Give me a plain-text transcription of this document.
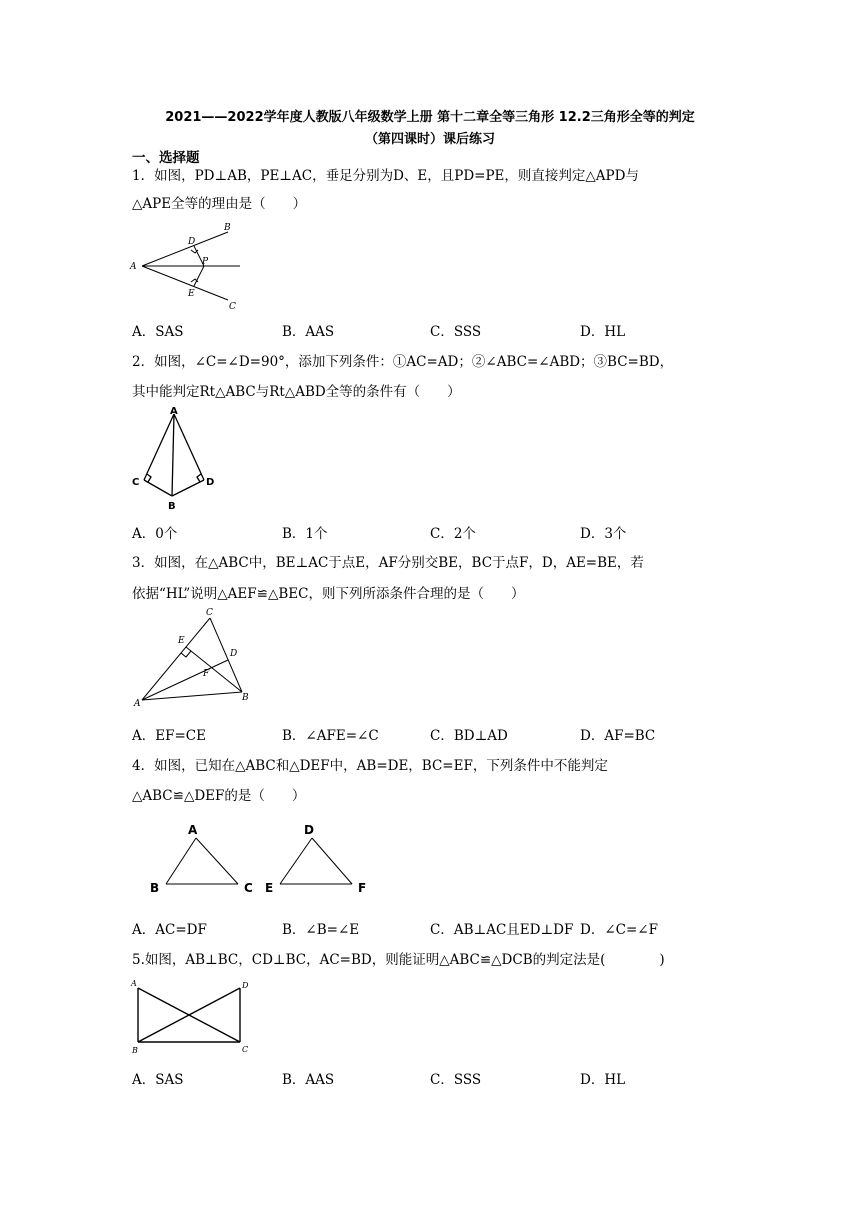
2021——2022学年度人教版八年级数学上册 第十二章全等三角形 12.2三角形全等的判定
（第四课时）课后练习
一、选择题
1．如图，PD⊥AB，PE⊥AC，垂足分别为D、E，且PD=PE，则直接判定△APD与
△APE全等的理由是（　　）
A
B
C
D
E
P
A．SAS	B．AAS	C．SSS	D．HL
2．如图，∠C=∠D=90°，添加下列条件：①AC=AD；②∠ABC=∠ABD；③BC=BD，
其中能判定Rt△ABC与Rt△ABD全等的条件有（　　）
A
B
C	D
A．0个	B．1个	C．2个	D．3个
3．如图，在△ABC中，BE⊥AC于点E，AF分别交BE，BC于点F，D，AE=BE，若
依据“HL”说明△AEF≌△BEC，则下列所添条件合理的是（　　）
A
B
C
D
E
F
A．EF=CE	B．∠AFE=∠C	C．BD⊥AD	D．AF=BC
4．如图，已知在△ABC和△DEF中，AB=DE，BC=EF，下列条件中不能判定
△ABC≌△DEF的是（　　）
A
B	C
D
E	F
A．AC=DF	B．∠B=∠E	C．AB⊥AC且ED⊥DF D．∠C=∠F
5.如图，AB⊥BC，CD⊥BC，AC=BD，则能证明△ABC≌△DCB的判定法是(　　　　)
A
B	C
D
A．SAS	B．AAS	C．SSS	D．HL
